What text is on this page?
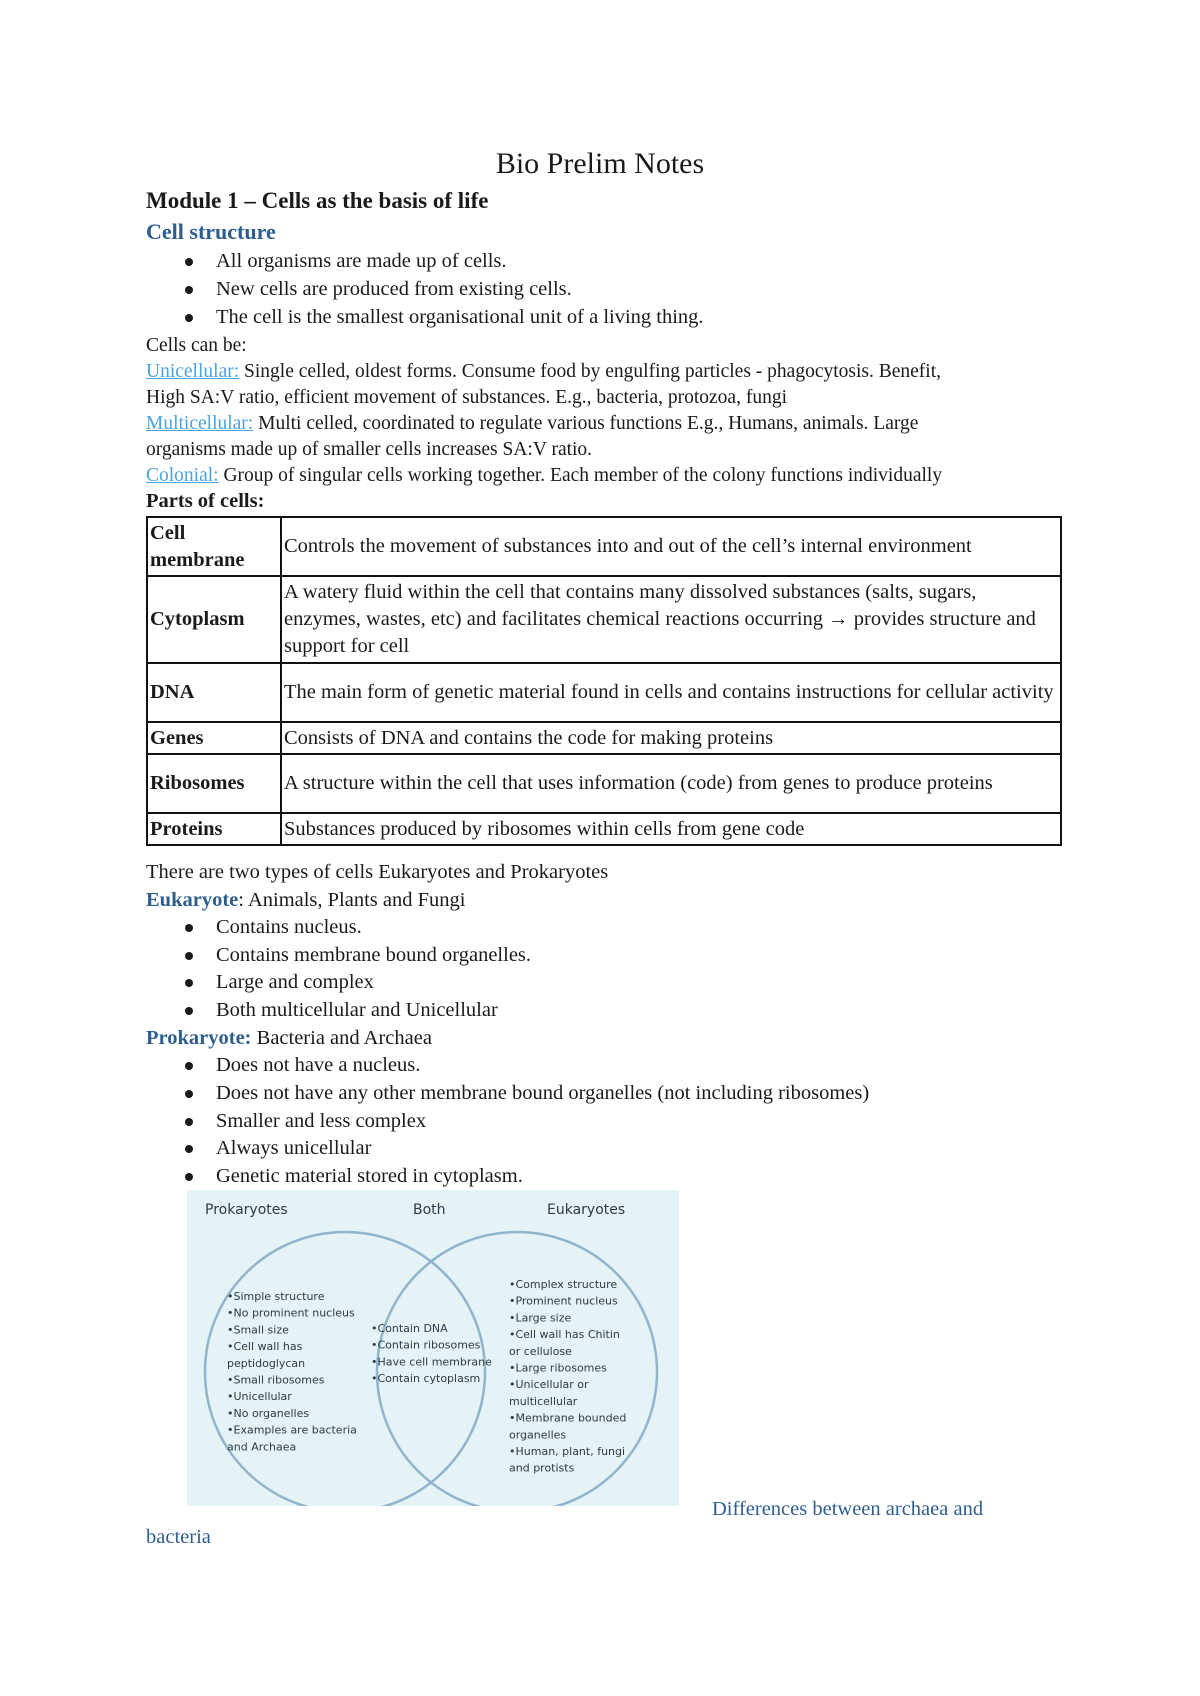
Bio Prelim Notes
Module 1 – Cells as the basis of life
Cell structure
All organisms are made up of cells.
New cells are produced from existing cells.
The cell is the smallest organisational unit of a living thing.
Cells can be:
Unicellular: Single celled, oldest forms. Consume food by engulfing particles - phagocytosis. Benefit,
High SA:V ratio, efficient movement of substances. E.g., bacteria, protozoa, fungi
Multicellular: Multi celled, coordinated to regulate various functions E.g., Humans, animals. Large
organisms made up of smaller cells increases SA:V ratio.
Colonial: Group of singular cells working together. Each member of the colony functions individually
Parts of cells:
Cell membrane	Controls the movement of substances into and out of the cell’s internal environment
Cytoplasm	A watery fluid within the cell that contains many dissolved substances (salts, sugars, enzymes, wastes, etc) and facilitates chemical reactions occurring → provides structure and support for cell
DNA	The main form of genetic material found in cells and contains instructions for cellular activity
Genes	Consists of DNA and contains the code for making proteins
Ribosomes	A structure within the cell that uses information (code) from genes to produce proteins
Proteins	Substances produced by ribosomes within cells from gene code
There are two types of cells Eukaryotes and Prokaryotes
Eukaryote: Animals, Plants and Fungi
Contains nucleus.
Contains membrane bound organelles.
Large and complex
Both multicellular and Unicellular
Prokaryote: Bacteria and Archaea
Does not have a nucleus.
Does not have any other membrane bound organelles (not including ribosomes)
Smaller and less complex
Always unicellular
Genetic material stored in cytoplasm.
Prokaryotes	Both	Eukaryotes
•Simple structure
•No prominent nucleus
•Small size
•Cell wall has
peptidoglycan
•Small ribosomes
•Unicellular
•No organelles
•Examples are bacteria
and Archaea
•Contain DNA
•Contain ribosomes
•Have cell membrane
•Contain cytoplasm
•Complex structure
•Prominent nucleus
•Large size
•Cell wall has Chitin
or cellulose
•Large ribosomes
•Unicellular or
multicellular
•Membrane bounded
organelles
•Human, plant, fungi
and protists
Differences between archaea and
bacteria
